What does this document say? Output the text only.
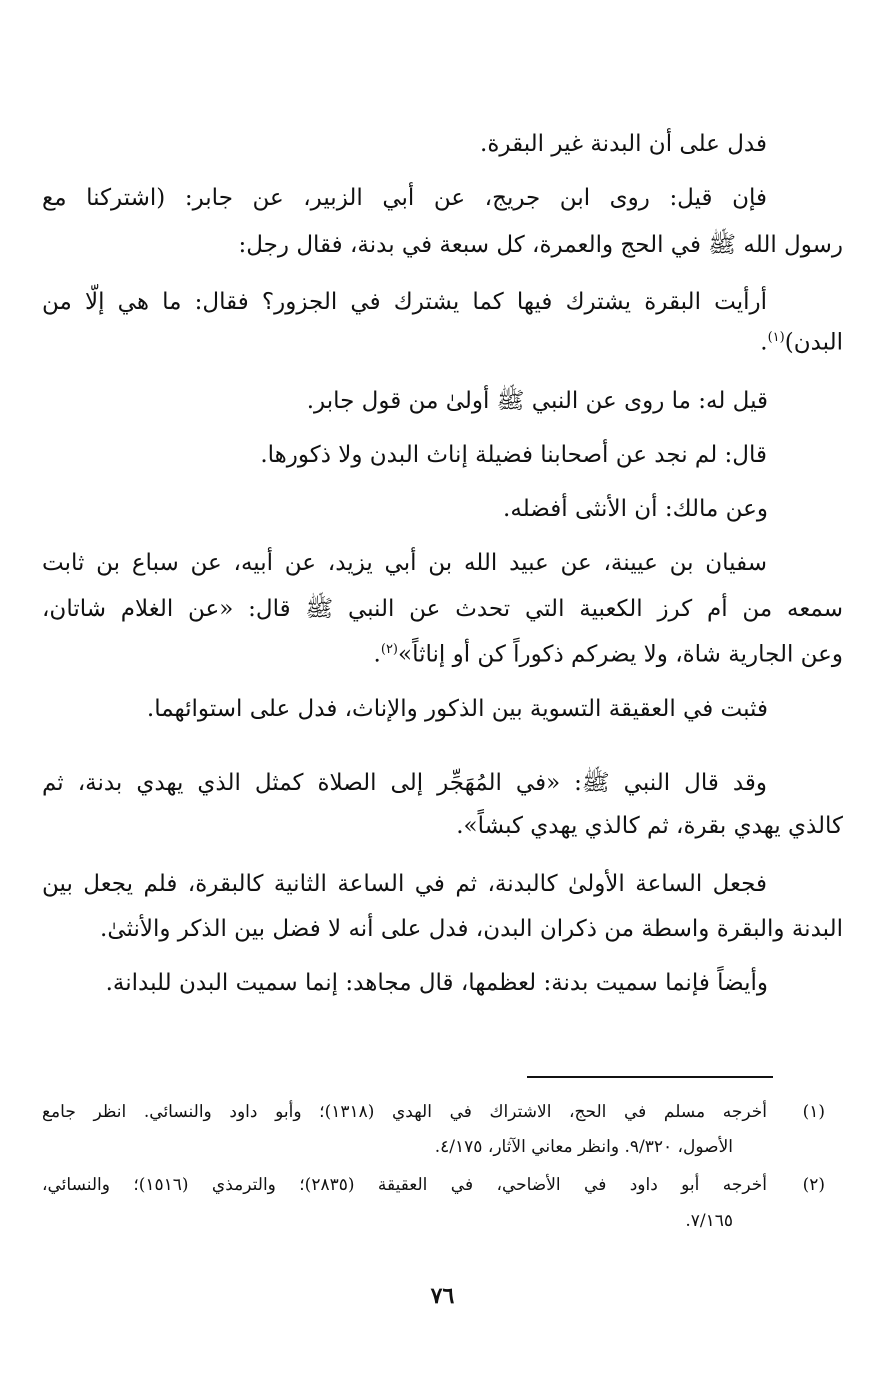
فدل على أن البدنة غير البقرة.
فإن قيل: روى ابن جريج، عن أبي الزبير، عن جابر: (اشتركنا مع
رسول الله ﷺ في الحج والعمرة، كل سبعة في بدنة، فقال رجل:
أرأيت البقرة يشترك فيها كما يشترك في الجزور؟ فقال: ما هي إلّا من
البدن)$^{(١)}$.
قيل له: ما روى عن النبي ﷺ أولىٰ من قول جابر.
قال: لم نجد عن أصحابنا فضيلة إناث البدن ولا ذكورها.
وعن مالك: أن الأنثى أفضله.
سفيان بن عيينة، عن عبيد الله بن أبي يزيد، عن أبيه، عن سباع بن ثابت
سمعه من أم كرز الكعبية التي تحدث عن النبي ﷺ قال: «عن الغلام شاتان،
وعن الجارية شاة، ولا يضركم ذكوراً كن أو إناثاً»$^{(٢)}$.
فثبت في العقيقة التسوية بين الذكور والإناث، فدل على استوائهما.
وقد قال النبي ﷺ: «في المُهَجِّر إلى الصلاة كمثل الذي يهدي بدنة، ثم
كالذي يهدي بقرة، ثم كالذي يهدي كبشاً».
فجعل الساعة الأولىٰ كالبدنة، ثم في الساعة الثانية كالبقرة، فلم يجعل بين
البدنة والبقرة واسطة من ذكران البدن، فدل على أنه لا فضل بين الذكر والأنثىٰ.
وأيضاً فإنما سميت بدنة: لعظمها، قال مجاهد: إنما سميت البدن للبدانة.
(١)
أخرجه مسلم في الحج، الاشتراك في الهدي (١٣١٨)؛ وأبو داود والنسائي. انظر جامع
الأصول، ٩/٣٢٠. وانظر معاني الآثار، ٤/١٧٥.
(٢)
أخرجه أبو داود في الأضاحي، في العقيقة (٢٨٣٥)؛ والترمذي (١٥١٦)؛ والنسائي،
٧/١٦٥.
٧٦
